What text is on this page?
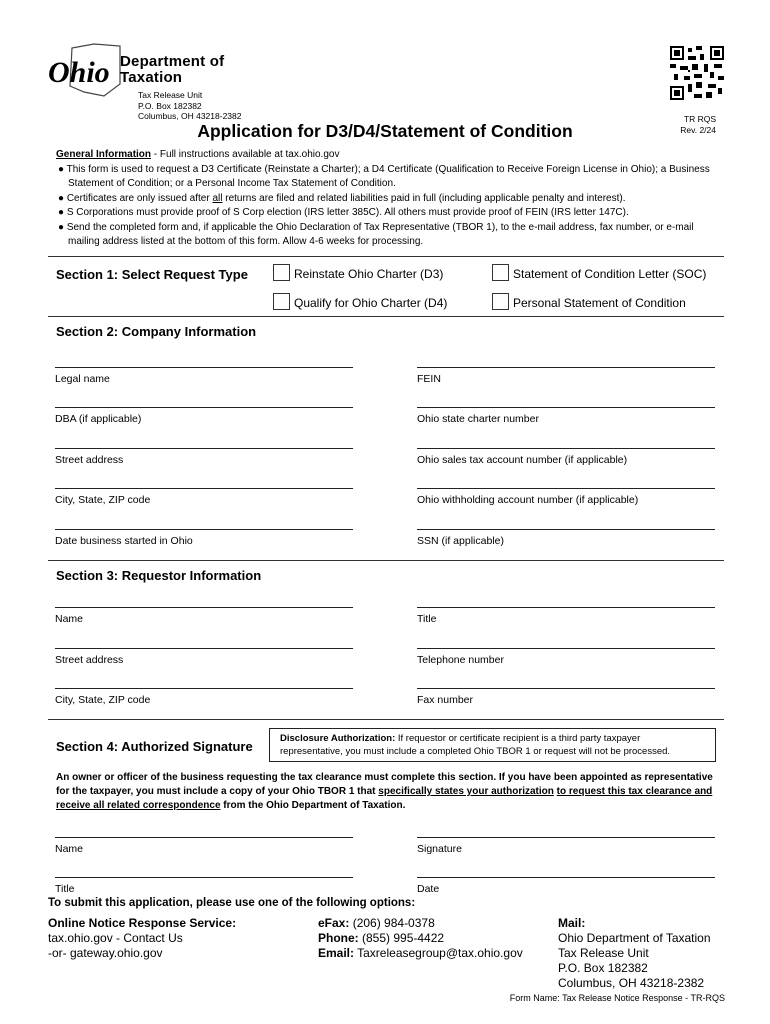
Ohio Department of
Taxation
Tax Release Unit
P.O. Box 182382
Columbus, OH 43218-2382	TR RQS
Rev. 2/24
Application for D3/D4/Statement of Condition
General Information - Full instructions available at tax.ohio.gov

● This form is used to request a D3 Certificate (Reinstate a Charter); a D4 Certificate (Qualification to Receive Foreign License in Ohio); a Business Statement of Condition; or a Personal Income Tax Statement of Condition.

● Certificates are only issued after all returns are filed and related liabilities paid in full (including applicable penalty and interest).

● S Corporations must provide proof of S Corp election (IRS letter 385C). All others must provide proof of FEIN (IRS letter 147C).

● Send the completed form and, if applicable the Ohio Declaration of Tax Representative (TBOR 1), to the e-mail address, fax number, or e-mail mailing address listed at the bottom of this form. Allow 4-6 weeks for processing.

Section 1: Select Request Type	Reinstate Ohio Charter (D3)	Statement of Condition Letter (SOC)
Qualify for Ohio Charter (D4)	Personal Statement of Condition
Section 2: Company Information
Legal name	FEIN
DBA (if applicable)	Ohio state charter number
Street address	Ohio sales tax account number (if applicable)
City, State, ZIP code	Ohio withholding account number (if applicable)
Date business started in Ohio	SSN (if applicable)
Section 3: Requestor Information
Name	Title
Street address	Telephone number
City, State, ZIP code	Fax number
Section 4: Authorized Signature
Disclosure Authorization: If requestor or certificate recipient is a third party taxpayer representative, you must include a completed Ohio TBOR 1 or request will not be processed.
An owner or officer of the business requesting the tax clearance must complete this section. If you have been appointed as representative for the taxpayer, you must include a copy of your Ohio TBOR 1 that specifically states your authorization to request this tax clearance and receive all related correspondence from the Ohio Department of Taxation.
Name	Signature
Title	Date
To submit this application, please use one of the following options:
Online Notice Response Service:
tax.ohio.gov - Contact Us
-or- gateway.ohio.gov
eFax: (206) 984-0378
Phone: (855) 995-4422
Email: Taxreleasegroup@tax.ohio.gov
Mail:
Ohio Department of Taxation
Tax Release Unit
P.O. Box 182382
Columbus, OH 43218-2382
Form Name: Tax Release Notice Response - TR-RQS
